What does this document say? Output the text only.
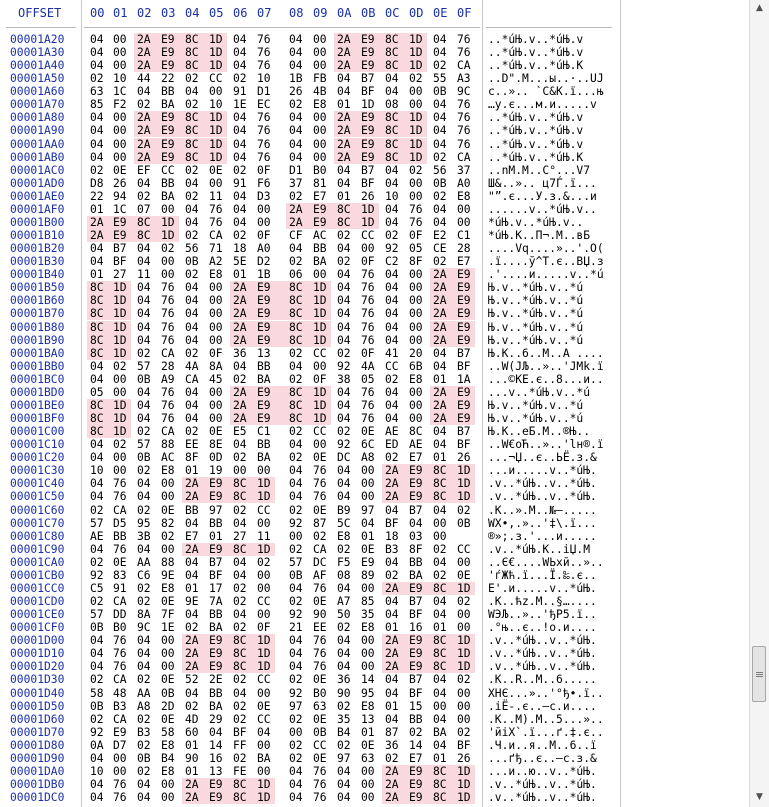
OFFSET 00 01 02 03 04 05 06 07 08 09 0A 0B 0C 0D 0E 0F
00001A20 04 00 2A E9 8C 1D 04 76 04 00 2A E9 8C 1D 04 76 ..*úЊ.v..*úЊ.v
00001A30 04 00 2A E9 8C 1D 04 76 04 00 2A E9 8C 1D 04 76 ..*úЊ.v..*úЊ.v
00001A40 04 00 2A E9 8C 1D 04 76 04 00 2A E9 8C 1D 02 CA ..*úЊ.v..*úЊ.К
00001A50 02 10 44 22 02 CC 02 10 1B FB 04 B7 04 02 55 A3 ..D".М...ы..·..UJ
00001A60 63 1C 04 BB 04 00 91 D1 26 4B 04 BF 04 00 0B 9C c..».. `C&K.ї...њ
00001A70 85 F2 02 BA 02 10 1E EC 02 E8 01 1D 08 00 04 76 …у.є...м.и.....v
00001A80 04 00 2A E9 8C 1D 04 76 04 00 2A E9 8C 1D 04 76 ..*úЊ.v..*úЊ.v
00001A90 04 00 2A E9 8C 1D 04 76 04 00 2A E9 8C 1D 04 76 ..*úЊ.v..*úЊ.v
00001AA0 04 00 2A E9 8C 1D 04 76 04 00 2A E9 8C 1D 04 76 ..*úЊ.v..*úЊ.v
00001AB0 04 00 2A E9 8C 1D 04 76 04 00 2A E9 8C 1D 02 CA ..*úЊ.v..*úЊ.К
00001AC0 02 0E EF CC 02 0E 02 0F D1 B0 04 B7 04 02 56 37 ..nМ.М..С°...V7
00001AD0 D8 26 04 BB 04 00 91 F6 37 81 04 BF 04 00 0B A0 Ш&..».. ц7Ѓ.ї...
00001AE0 22 94 02 BA 02 11 04 D3 02 E7 01 26 10 00 02 E8 "”.є...У.з.&...и
00001AF0 01 1C 07 00 04 76 04 00 2A E9 8C 1D 04 76 04 00 ......v..*úЊ.v..
00001B00 2A E9 8C 1D 04 76 04 00 2A E9 8C 1D 04 76 04 00 *úЊ.v..*úЊ.v..
00001B10 2A E9 8C 1D 02 CA 02 0F CF AC 02 CC 02 0F E2 C1 *úЊ.К..П¬.М..вБ
00001B20 04 B7 04 02 56 71 18 A0 04 BB 04 00 92 05 CE 28 ....Vq....»..'.О(
00001B30 04 BF 04 00 0B A2 5E D2 02 BA 02 0F C2 8F 02 E7 .ї....ў^Т.є..ВЏ.з
00001B40 01 27 11 00 02 E8 01 1B 06 00 04 76 04 00 2A E9 .'....и.....v..*ú
00001B50 8C 1D 04 76 04 00 2A E9 8C 1D 04 76 04 00 2A E9 Њ.v..*úЊ.v..*ú
00001B60 8C 1D 04 76 04 00 2A E9 8C 1D 04 76 04 00 2A E9 Њ.v..*úЊ.v..*ú
00001B70 8C 1D 04 76 04 00 2A E9 8C 1D 04 76 04 00 2A E9 Њ.v..*úЊ.v..*ú
00001B80 8C 1D 04 76 04 00 2A E9 8C 1D 04 76 04 00 2A E9 Њ.v..*úЊ.v..*ú
00001B90 8C 1D 04 76 04 00 2A E9 8C 1D 04 76 04 00 2A E9 Њ.v..*úЊ.v..*ú
00001BA0 8C 1D 02 CA 02 0F 36 13 02 CC 02 0F 41 20 04 B7 Њ.К..6..М..A ....
00001BB0 04 02 57 28 4A 8A 04 BB 04 00 92 4A CC 6B 04 BF ..W(JЉ..»..'JМk.ї
00001BC0 04 00 0B A9 CA 45 02 BA 02 0F 38 05 02 E8 01 1A ...©КЕ.є..8...и..
00001BD0 05 00 04 76 04 00 2A E9 8C 1D 04 76 04 00 2A E9 ...v..*úЊ.v..*ú
00001BE0 8C 1D 04 76 04 00 2A E9 8C 1D 04 76 04 00 2A E9 Њ.v..*úЊ.v..*ú
00001BF0 8C 1D 04 76 04 00 2A E9 8C 1D 04 76 04 00 2A E9 Њ.v..*úЊ.v..*ú
00001C00 8C 1D 02 CA 02 0E E5 C1 02 CC 02 0E AE 8C 04 B7 Њ.К..еБ.М..®Њ..
00001C10 04 02 57 88 EE 8E 04 BB 04 00 92 6C ED AE 04 BF ..W€оЋ..»..'lн®.ї
00001C20 04 00 0B AC 8F 0D 02 BA 02 0E DC A8 02 E7 01 26 ...¬Џ..є..ЬЁ.з.&
00001C30 10 00 02 E8 01 19 00 00 04 76 04 00 2A E9 8C 1D ...и.....v..*úЊ.
00001C40 04 76 04 00 2A E9 8C 1D 04 76 04 00 2A E9 8C 1D .v..*úЊ..v..*úЊ.
00001C50 04 76 04 00 2A E9 8C 1D 04 76 04 00 2A E9 8C 1D .v..*úЊ..v..*úЊ.
00001C60 02 CA 02 0E BB 97 02 CC 02 0E B9 97 04 B7 04 02 .К..».М..№—.....
00001C70 57 D5 95 82 04 BB 04 00 92 87 5C 04 BF 04 00 0B WХ•‚.»..'‡\.ї...
00001C80 AE BB 3B 02 E7 01 27 11 00 02 E8 01 18 03 00	®»;.з.'...и.....
00001C90 04 76 04 00 2A E9 8C 1D 02 CA 02 0E B3 8F 02 CC .v..*úЊ.К..іЏ.М
00001CA0 02 0E AA 88 04 B7 04 02 57 DC F5 E9 04 BB 04 00 ..Є€....WЬхй..»..
00001CB0 92 83 C6 9E 04 BF 04 00 0B AF 08 89 02 BA 02 0E 'ѓЖћ.ї...Ї.‰.є..
00001CC0 C5 91 02 E8 01 17 02 00 04 76 04 00 2A E9 8C 1D Е'.и.....v..*úЊ.
00001CD0 02 CA 02 0E 9E 7A 02 CC 02 0E A7 85 04 B7 04 02 .К..ћz.М..§…....
00001CE0 57 DD 8A 7F 04 BB 04 00 92 90 50 35 04 BF 04 00 WЭЉ..»..'ђP5.ї..
00001CF0 0B B0 9C 1E 02 BA 02 0F 21 EE 02 E8 01 16 01 00 .°њ..є..!о.и....
00001D00 04 76 04 00 2A E9 8C 1D 04 76 04 00 2A E9 8C 1D .v..*úЊ..v..*úЊ.
00001D10 04 76 04 00 2A E9 8C 1D 04 76 04 00 2A E9 8C 1D .v..*úЊ..v..*úЊ.
00001D20 04 76 04 00 2A E9 8C 1D 04 76 04 00 2A E9 8C 1D .v..*úЊ..v..*úЊ.
00001D30 02 CA 02 0E 52 2E 02 CC 02 0E 36 14 04 B7 04 02 .К..R..М..6.....
00001D40 58 48 AA 0B 04 BB 04 00 92 B0 90 95 04 BF 04 00 XHЄ...»..'°ђ•.ї..
00001D50 0B B3 A8 2D 02 BA 02 0E 97 63 02 E8 01 15 00 00 .іЁ-.є..—c.и....
00001D60 02 CA 02 0E 4D 29 02 CC 02 0E 35 13 04 BB 04 00 .К..M).М..5...»..
00001D70 92 E9 B3 58 60 04 BF 04 00 0B B4 01 87 02 BA 02 'йіX`.ї...ґ.‡.є..
00001D80 0A D7 02 E8 01 14 FF 00 02 CC 02 0E 36 14 04 BF .Ч.и..я..М..6..ї
00001D90 04 00 0B B4 90 16 02 BA 02 0E 97 63 02 E7 01 26 ...ґђ..є..—c.з.&
00001DA0 10 00 02 E8 01 13 FE 00 04 76 04 00 2A E9 8C 1D ...и..ю..v..*úЊ.
00001DB0 04 76 04 00 2A E9 8C 1D 04 76 04 00 2A E9 8C 1D .v..*úЊ..v..*úЊ.
00001DC0 04 76 04 00 2A E9 8C 1D 04 76 04 00 2A E9 8C 1D .v..*úЊ..v..*úЊ.
▲
▼
